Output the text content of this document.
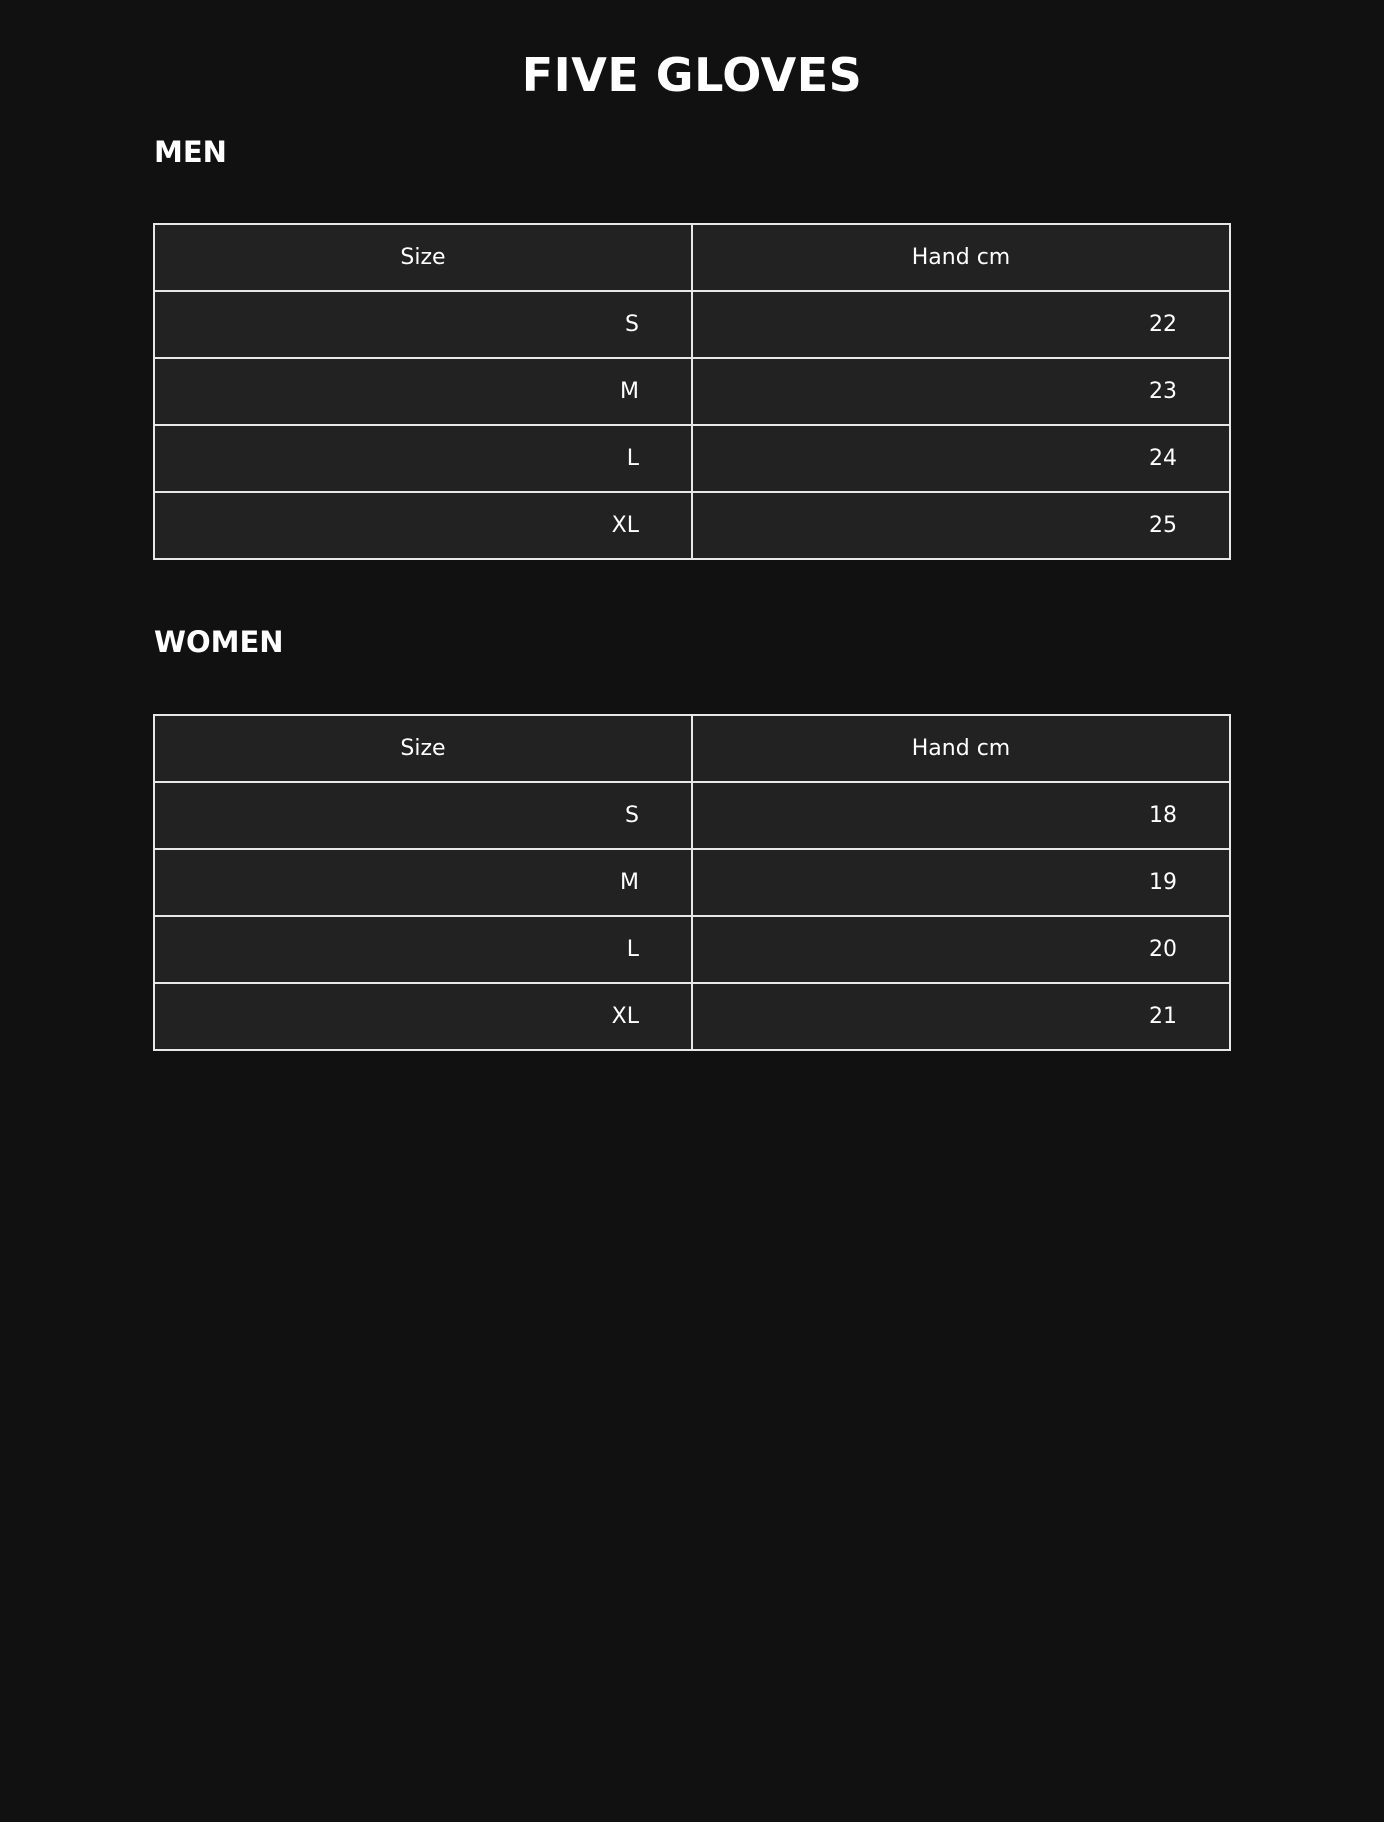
FIVE GLOVES
MEN
Size	Hand cm
S	22
M	23
L	24
XL	25
WOMEN
Size	Hand cm
S	18
M	19
L	20
XL	21
